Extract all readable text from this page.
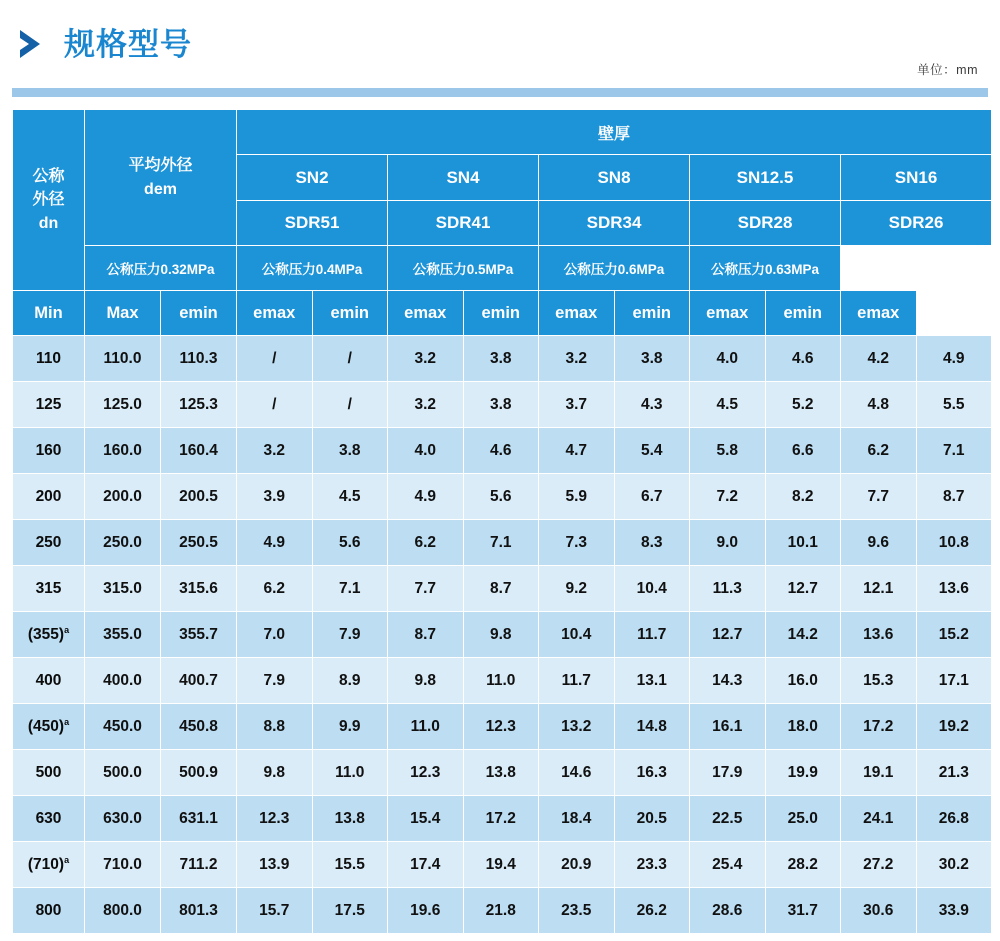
规格型号
单位：mm
公称
外径
dn

平均外径
dem
	壁厚
			SN2		SN4		SN8		SN12.5		SN16	
			SDR51		SDR41		SDR34		SDR28		SDR26	
	公称压力0.32MPa		公称压力0.4MPa		公称压力0.5MPa		公称压力0.6MPa		公称压力0.63MPa			
Min	Max	emin	emax	emin	emax	emin	emax	emin	emax	emin	emax	
110	110.0	110.3	/	/	3.2	3.8	3.2	3.8	4.0	4.6	4.2	4.9
125	125.0	125.3	/	/	3.2	3.8	3.7	4.3	4.5	5.2	4.8	5.5
160	160.0	160.4	3.2	3.8	4.0	4.6	4.7	5.4	5.8	6.6	6.2	7.1
200	200.0	200.5	3.9	4.5	4.9	5.6	5.9	6.7	7.2	8.2	7.7	8.7
250	250.0	250.5	4.9	5.6	6.2	7.1	7.3	8.3	9.0	10.1	9.6	10.8
315	315.0	315.6	6.2	7.1	7.7	8.7	9.2	10.4	11.3	12.7	12.1	13.6
$(355)^a$	355.0	355.7	7.0	7.9	8.7	9.8	10.4	11.7	12.7	14.2	13.6	15.2
400	400.0	400.7	7.9	8.9	9.8	11.0	11.7	13.1	14.3	16.0	15.3	17.1
$(450)^a$	450.0	450.8	8.8	9.9	11.0	12.3	13.2	14.8	16.1	18.0	17.2	19.2
500	500.0	500.9	9.8	11.0	12.3	13.8	14.6	16.3	17.9	19.9	19.1	21.3
630	630.0	631.1	12.3	13.8	15.4	17.2	18.4	20.5	22.5	25.0	24.1	26.8
$(710)^a$	710.0	711.2	13.9	15.5	17.4	19.4	20.9	23.3	25.4	28.2	27.2	30.2
800	800.0	801.3	15.7	17.5	19.6	21.8	23.5	26.2	28.6	31.7	30.6	33.9
